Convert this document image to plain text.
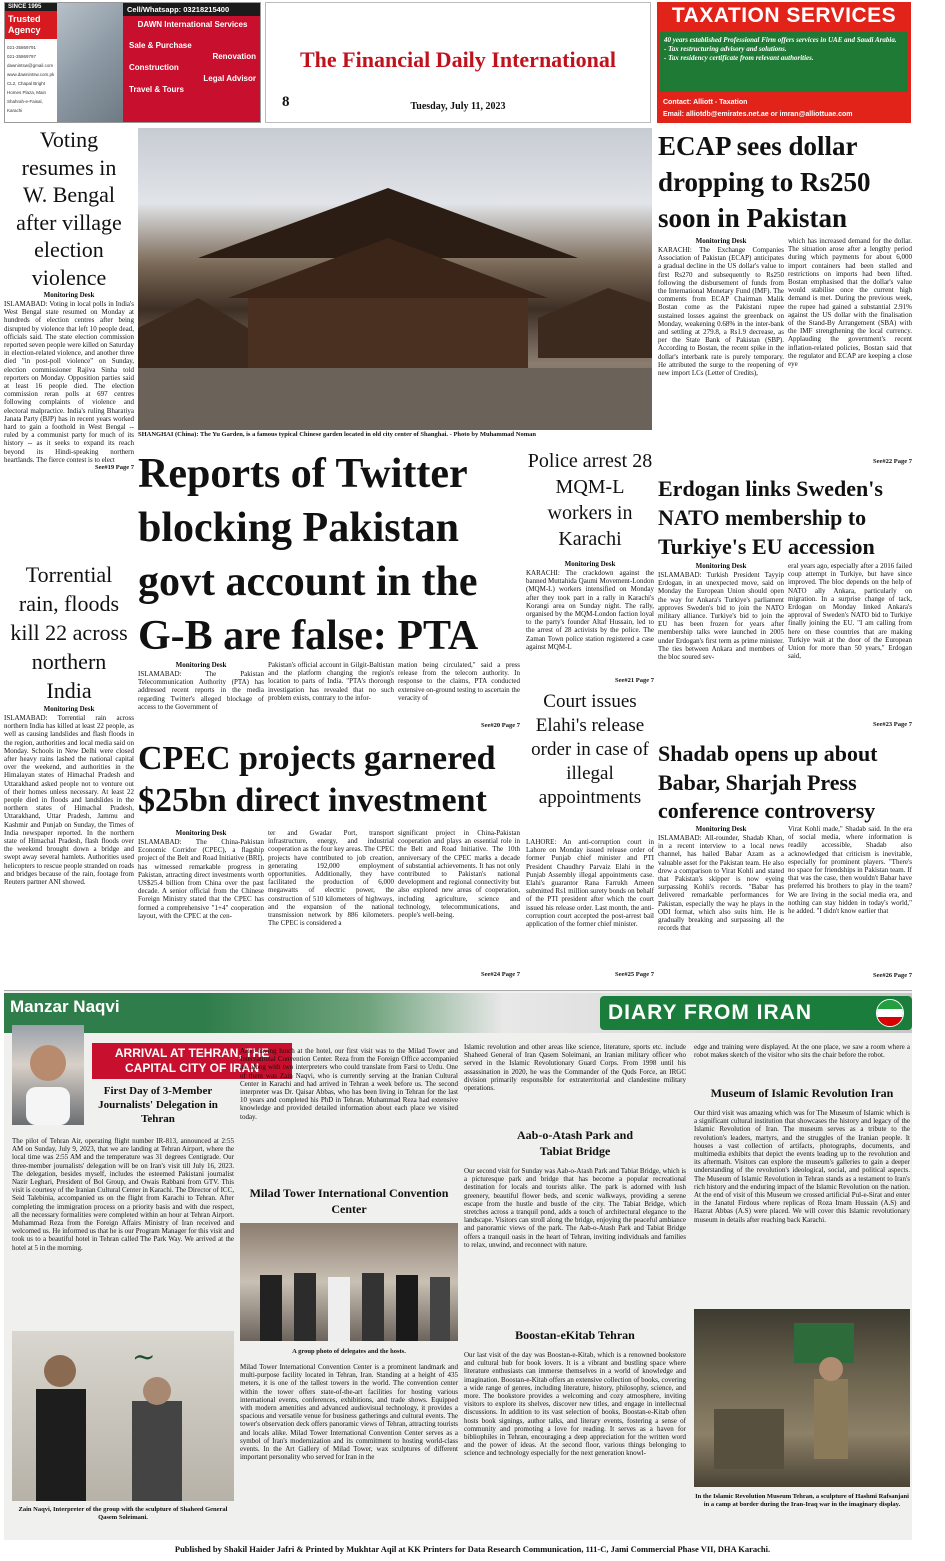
SINCE 1995
Trusted Agency
021-35869791
021-35869797
dawnintsw@gmail.com
www.dawnintsw.com.pk
CL2, Chapal Bright Homes Plaza, Main Shahrah-e-Faisal, Karachi
Cell/Whatsapp: 03218215400
DAWN International Services
Sale & Purchase
Renovation
Construction
Legal Advisor
Travel & Tours
The Financial Daily International
8	Tuesday, July 11, 2023
TAXATION SERVICES
40 years established Professional Firm offers services in UAE and Saudi Arabia.
- Tax restructuring advisory and solutions.
- Tax residency certificate from relevant authorities.
Contact: Alliott - Taxation
Email: alliotdb@emirates.net.ae or imran@alliottuae.com
Voting resumes in W. Bengal after village election violence
Monitoring Desk
ISLAMABAD: Voting in local polls in India's West Bengal state resumed on Monday at hundreds of election centres after being disrupted by violence that left 10 people dead, officials said. The state election commission reported seven people were killed on Saturday in election-related violence, and another three died "in post-poll violence" on Sunday, election commissioner Rajiva Sinha told reporters on Monday. Opposition parties said at least 16 people died. The election commission reran polls at 697 centres following complaints of violence and electoral malpractice. India's ruling Bharatiya Janata Party (BJP) has in recent years worked hard to gain a foothold in West Bengal -- ruled by a communist party for much of its history -- as it seeks to expand its reach beyond its Hindi-speaking northern heartlands. The fierce contest is to elect
See#19 Page 7
Torrential rain, floods kill 22 across northern India
Monitoring Desk
ISLAMABAD: Torrential rain across northern India has killed at least 22 people, as well as causing landslides and flash floods in the region, authorities and local media said on Monday. Schools in New Delhi were closed after heavy rains lashed the national capital over the weekend, and authorities in the Himalayan states of Himachal Pradesh and Uttarakhand asked people not to venture out of their homes unless necessary. At least 22 people died in floods and landslides in the northern states of Himachal Pradesh, Uttarakhand, Uttar Pradesh, Jammu and Kashmir and Punjab on Sunday, the Times of India newspaper reported. In the northern state of Himachal Pradesh, flash floods over the weekend brought down a bridge and swept away several hamlets. Authorities used helicopters to rescue people stranded on roads and bridges because of the rain, footage from Reuters partner ANI showed.
SHANGHAI (China): The Yu Garden, is a famous typical Chinese garden located in old city center of Shanghai. - Photo by Muhammad Noman
Reports of Twitter blocking Pakistan govt account in the G-B are false: PTA
Monitoring Desk
ISLAMABAD: The Pakistan Telecommunication Authority (PTA) has addressed recent reports in the media regarding Twitter's alleged blockage of access to the Government of
Pakistan's official account in Gilgit-Baltistan and the platform changing the region's location to parts of India. "PTA's thorough investigation has revealed that no such problem exists, contrary to the infor-
mation being circulated," said a press release from the telecom authority. In response to the claims, PTA conducted extensive on-ground testing to ascertain the veracity of
See#20 Page 7
Police arrest 28 MQM-L workers in Karachi
Monitoring Desk
KARACHI: The crackdown against the banned Muttahida Qaumi Movement-London (MQM-L) workers intensified on Monday after they took part in a rally in Karachi's Korangi area on Sunday night. The rally, organised by the MQM-London faction loyal to the party's founder Altaf Hussain, led to the arrest of 28 activists by the police. The Zaman Town police station registered a case against MQM-L
See#21 Page 7
Court issues Elahi's release order in case of illegal appointments
LAHORE: An anti-corruption court in Lahore on Monday issued release order of former Punjab chief minister and PTI President Chaudhry Parvaiz Elahi in the Punjab Assembly illegal appointments case. Elahi's guarantor Rana Farrukh Ameen submitted Rs1 million surety bonds on behalf of the PTI president after which the court issued his release order. Last month, the anti-corruption court accepted the post-arrest bail application of the former chief minister.
See#25 Page 7
CPEC projects garnered $25bn direct investment
Monitoring Desk
ISLAMABAD: The China-Pakistan Economic Corridor (CPEC), a flagship project of the Belt and Road Initiative (BRI), has witnessed remarkable progress in Pakistan, attracting direct investments worth US$25.4 billion from China over the past decade. A senior official from the Chinese Foreign Ministry stated that the CPEC has formed a comprehensive "1+4" cooperation layout, with the CPEC at the cen-
ter and Gwadar Port, transport infrastructure, energy, and industrial cooperation as the four key areas. The CPEC projects have contributed to job creation, generating 192,000 employment opportunities. Additionally, they have facilitated the production of 6,000 megawatts of electric power, the construction of 510 kilometers of highways, and the expansion of the national transmission network by 886 kilometers. The CPEC is considered a
significant project in China-Pakistan cooperation and plays an essential role in the Belt and Road Initiative. The 10th anniversary of the CPEC marks a decade of substantial achievements. It has not only contributed to Pakistan's national development and regional connectivity but also explored new areas of cooperation, including agriculture, science and technology, telecommunications, and people's well-being.
See#24 Page 7
ECAP sees dollar dropping to Rs250 soon in Pakistan
Monitoring Desk
KARACHI: The Exchange Companies Association of Pakistan (ECAP) anticipates a gradual decline in the US dollar's value to first Rs270 and subsequently to Rs250 following the disbursement of funds from the International Monetary Fund (IMF). The comments from ECAP Chairman Malik Bostan come as the Pakistani rupee sustained losses against the greenback on Monday, weakening 0.68% in the inter-bank and settling at 279.8, a Rs1.9 decrease, as per the State Bank of Pakistan (SBP). According to Bostan, the recent spike in the dollar's interbank rate is purely temporary. He attributed the surge to the reopening of new import LCs (Letter of Credits),
which has increased demand for the dollar. The situation arose after a lengthy period during which payments for about 6,000 import containers had been stalled and restrictions on imports had been lifted. Bostan emphasised that the dollar's value would stabilise once the current high demand is met. During the previous week, the rupee had gained a substantial 2.91% against the US dollar with the finalisation of the Stand-By Arrangement (SBA) with the IMF strengthening the local currency. Applauding the government's recent inflation-related policies, Bostan said that the regulator and ECAP are keeping a close eye
See#22 Page 7
Erdogan links Sweden's NATO membership to Turkiye's EU accession
Monitoring Desk
ISLAMABAD: Turkish President Tayyip Erdogan, in an unexpected move, said on Monday the European Union should open the way for Ankara's Turkiye's parliament approves Sweden's bid to join the NATO military alliance. Turkiye's bid to join the EU has been frozen for years after membership talks were launched in 2005 under Erdogan's first term as prime minister. The ties between Ankara and members of the bloc soured sev-
eral years ago, especially after a 2016 failed coup attempt in Turkiye, but have since improved. The bloc depends on the help of NATO ally Ankara, particularly on migration. In a surprise change of tack, Erdogan on Monday linked Ankara's approval of Sweden's NATO bid to Turkiye finally joining the EU. "I am calling from here on these countries that are making Turkiye wait at the door of the European Union for more than 50 years," Erdogan said,
See#23 Page 7
Shadab opens up about Babar, Sharjah Press conference controversy
Monitoring Desk
ISLAMABAD: All-rounder, Shadab Khan, in a recent interview to a local news channel, has hailed Babar Azam as a valuable asset for the Pakistan team. He also drew a comparison to Virat Kohli and stated that Pakistan's skipper is now eyeing surpassing Kohli's records. "Babar has delivered remarkable performances for Pakistan, especially the way he plays in the ODI format, which also suits him. He is gradually breaking and surpassing all the records that
Virat Kohli made," Shadab said. In the era of social media, where information is readily accessible, Shadab also acknowledged that criticism is inevitable, especially for prominent players. "There's no space for friendships in Pakistan team. If that was the case, then wouldn't Babar have preferred his brothers to play in the team? We are living in the social media era, and nothing can stay hidden in today's world," he added. "I didn't know earlier that
See#26 Page 7
Manzar Naqvi	DIARY FROM IRAN
ARRIVAL AT TEHRAN, THE CAPITAL CITY OF IRAN
First Day of 3-Member Journalists' Delegation in Tehran
The pilot of Tehran Air, operating flight number IR-813, announced at 2:55 AM on Sunday, July 9, 2023, that we are landing at Tehran Airport, where the local time was 2:55 AM and the temperature was 31 degrees Centigrade. Our three-member journalists' delegation will be on Iran's visit till July 16, 2023. The delegation, besides myself, includes the esteemed Pakistani journalist Nazir Leghari, President of Bol Group, and Owais Rabbani from GTV. This visit is courtesy of the Iranian Cultural Center in Karachi. The Director of ICC, Seid Talebinia, accompanied us on the flight from Karachi to Tehran. After completing the immigration process on a priority basis and with due respect, all the necessary formalities were completed within an hour at Tehran Airport. Muhammad Reza from the Foreign Affairs Ministry of Iran received and welcomed us. He informed us that he is our Program Manager for this visit and took us to a beautiful hotel in Tehran called The Park Way. We arrived at the hotel at 5 in the morning.
~
Zain Naqvi, Interpreter of the group with the sculpture of Shaheed General Qasem Soleimani.
After having lunch at the hotel, our first visit was to the Milad Tower and International Convention Center. Reza from the Foreign Office accompanied us, along with two interpreters who could translate from Farsi to Urdu. One of them was Zain Naqvi, who is currently serving at the Iranian Cultural Center in Karachi and had arrived in Tehran a week before us. The second interpreter was Dr. Qaisar Abbas, who has been living in Tehran for the last 10 years and completed his PhD in Tehran. Muhammad Reza had extensive knowledge and provided detailed information about each place we visited today.
Milad Tower International Convention Center
A group photo of delegates and the hosts.
Milad Tower International Convention Center is a prominent landmark and multi-purpose facility located in Tehran, Iran. Standing at a height of 435 meters, it is one of the tallest towers in the world. The convention center within the tower offers state-of-the-art facilities for hosting various international events, conferences, exhibitions, and trade shows. Equipped with modern amenities and advanced audiovisual technology, it provides a spacious and versatile venue for business gatherings and cultural events. The tower's observation deck offers panoramic views of Tehran, attracting tourists and locals alike. Milad Tower International Convention Center serves as a symbol of Iran's modernization and its commitment to hosting world-class events. In the Art Gallery of Milad Tower, wax sculptures of different important personality who served for Iran in the
Islamic revolution and other areas like science, literature, sports etc. include Shaheed General of Iran Qasem Soleimani, an Iranian military officer who served in the Islamic Revolutionary Guard Corps. From 1998 until his assassination in 2020, he was the Commander of the Quds Force, an IRGC division primarily responsible for extraterritorial and clandestine military operations.
Aab-o-Atash Park and Tabiat Bridge
Our second visit for Sunday was Aab-o-Atash Park and Tabiat Bridge, which is a picturesque park and bridge that has become a popular recreational destination for locals and tourists alike. The park is adorned with lush greenery, beautiful flower beds, and scenic walkways, providing a serene escape from the hustle and bustle of the city. The Tabiat Bridge, which stretches across a tranquil pond, adds a touch of architectural elegance to the landscape. Visitors can stroll along the bridge, enjoying the peaceful ambiance and panoramic views of the park. The Aab-o-Atash Park and Tabiat Bridge offers a tranquil oasis in the heart of Tehran, inviting individuals and families to relax, unwind, and reconnect with nature.
Boostan-eKitab Tehran
Our last visit of the day was Boostan-e-Kitab, which is a renowned bookstore and cultural hub for book lovers. It is a vibrant and bustling space where literature enthusiasts can immerse themselves in a world of knowledge and imagination. Boostan-e-Kitab offers an extensive collection of books, covering a wide range of genres, including literature, history, philosophy, science, and more. The bookstore provides a welcoming and cozy atmosphere, inviting visitors to explore its shelves, discover new titles, and engage in intellectual discussions. In addition to its vast selection of books, Boostan-e-Kitab often hosts book signings, author talks, and literary events, fostering a sense of community and promoting a love for reading. It serves as a haven for bibliophiles in Tehran, encouraging a deep appreciation for the written word and the power of ideas. At the second floor, various things belonging to science and technology especially for the next generation knowl-
edge and training were displayed. At the one place, we saw a room where a robot makes sketch of the visitor who sits the chair before the robot.
Museum of Islamic Revolution Iran
Our third visit was amazing which was for The Museum of Islamic which is a significant cultural institution that showcases the history and legacy of the Islamic Revolution of Iran. The museum serves as a tribute to the revolution's leaders, martyrs, and the struggles of the Iranian people. It houses a vast collection of artifacts, photographs, documents, and multimedia exhibits that depict the events leading up to the revolution and its aftermath. Visitors can explore the museum's galleries to gain a deeper understanding of the revolution's ideological, social, and political aspects. The Museum of Islamic Revolution in Tehran stands as a testament to Iran's rich history and the enduring impact of the Islamic Revolution on the nation. At the end of visit of this Museum we crossed artificial Pul-e-Sirat and enter in the Janatul Firdous where replicas of Roza Imam Hussain (A.S) and Hazrat Abbas (A.S) were placed. We will cover this Islamic revolutionary museum in details after reaching back Karachi.
In the Islamic Revolution Museum Tehran, a sculpture of Hashmi Rafsanjani in a camp at border during the Iran-Iraq war in the imaginary display.
Published by Shakil Haider Jafri & Printed by Mukhtar Aqil at KK Printers for Data Research Communication, 111-C, Jami Commercial Phase VII, DHA Karachi.
